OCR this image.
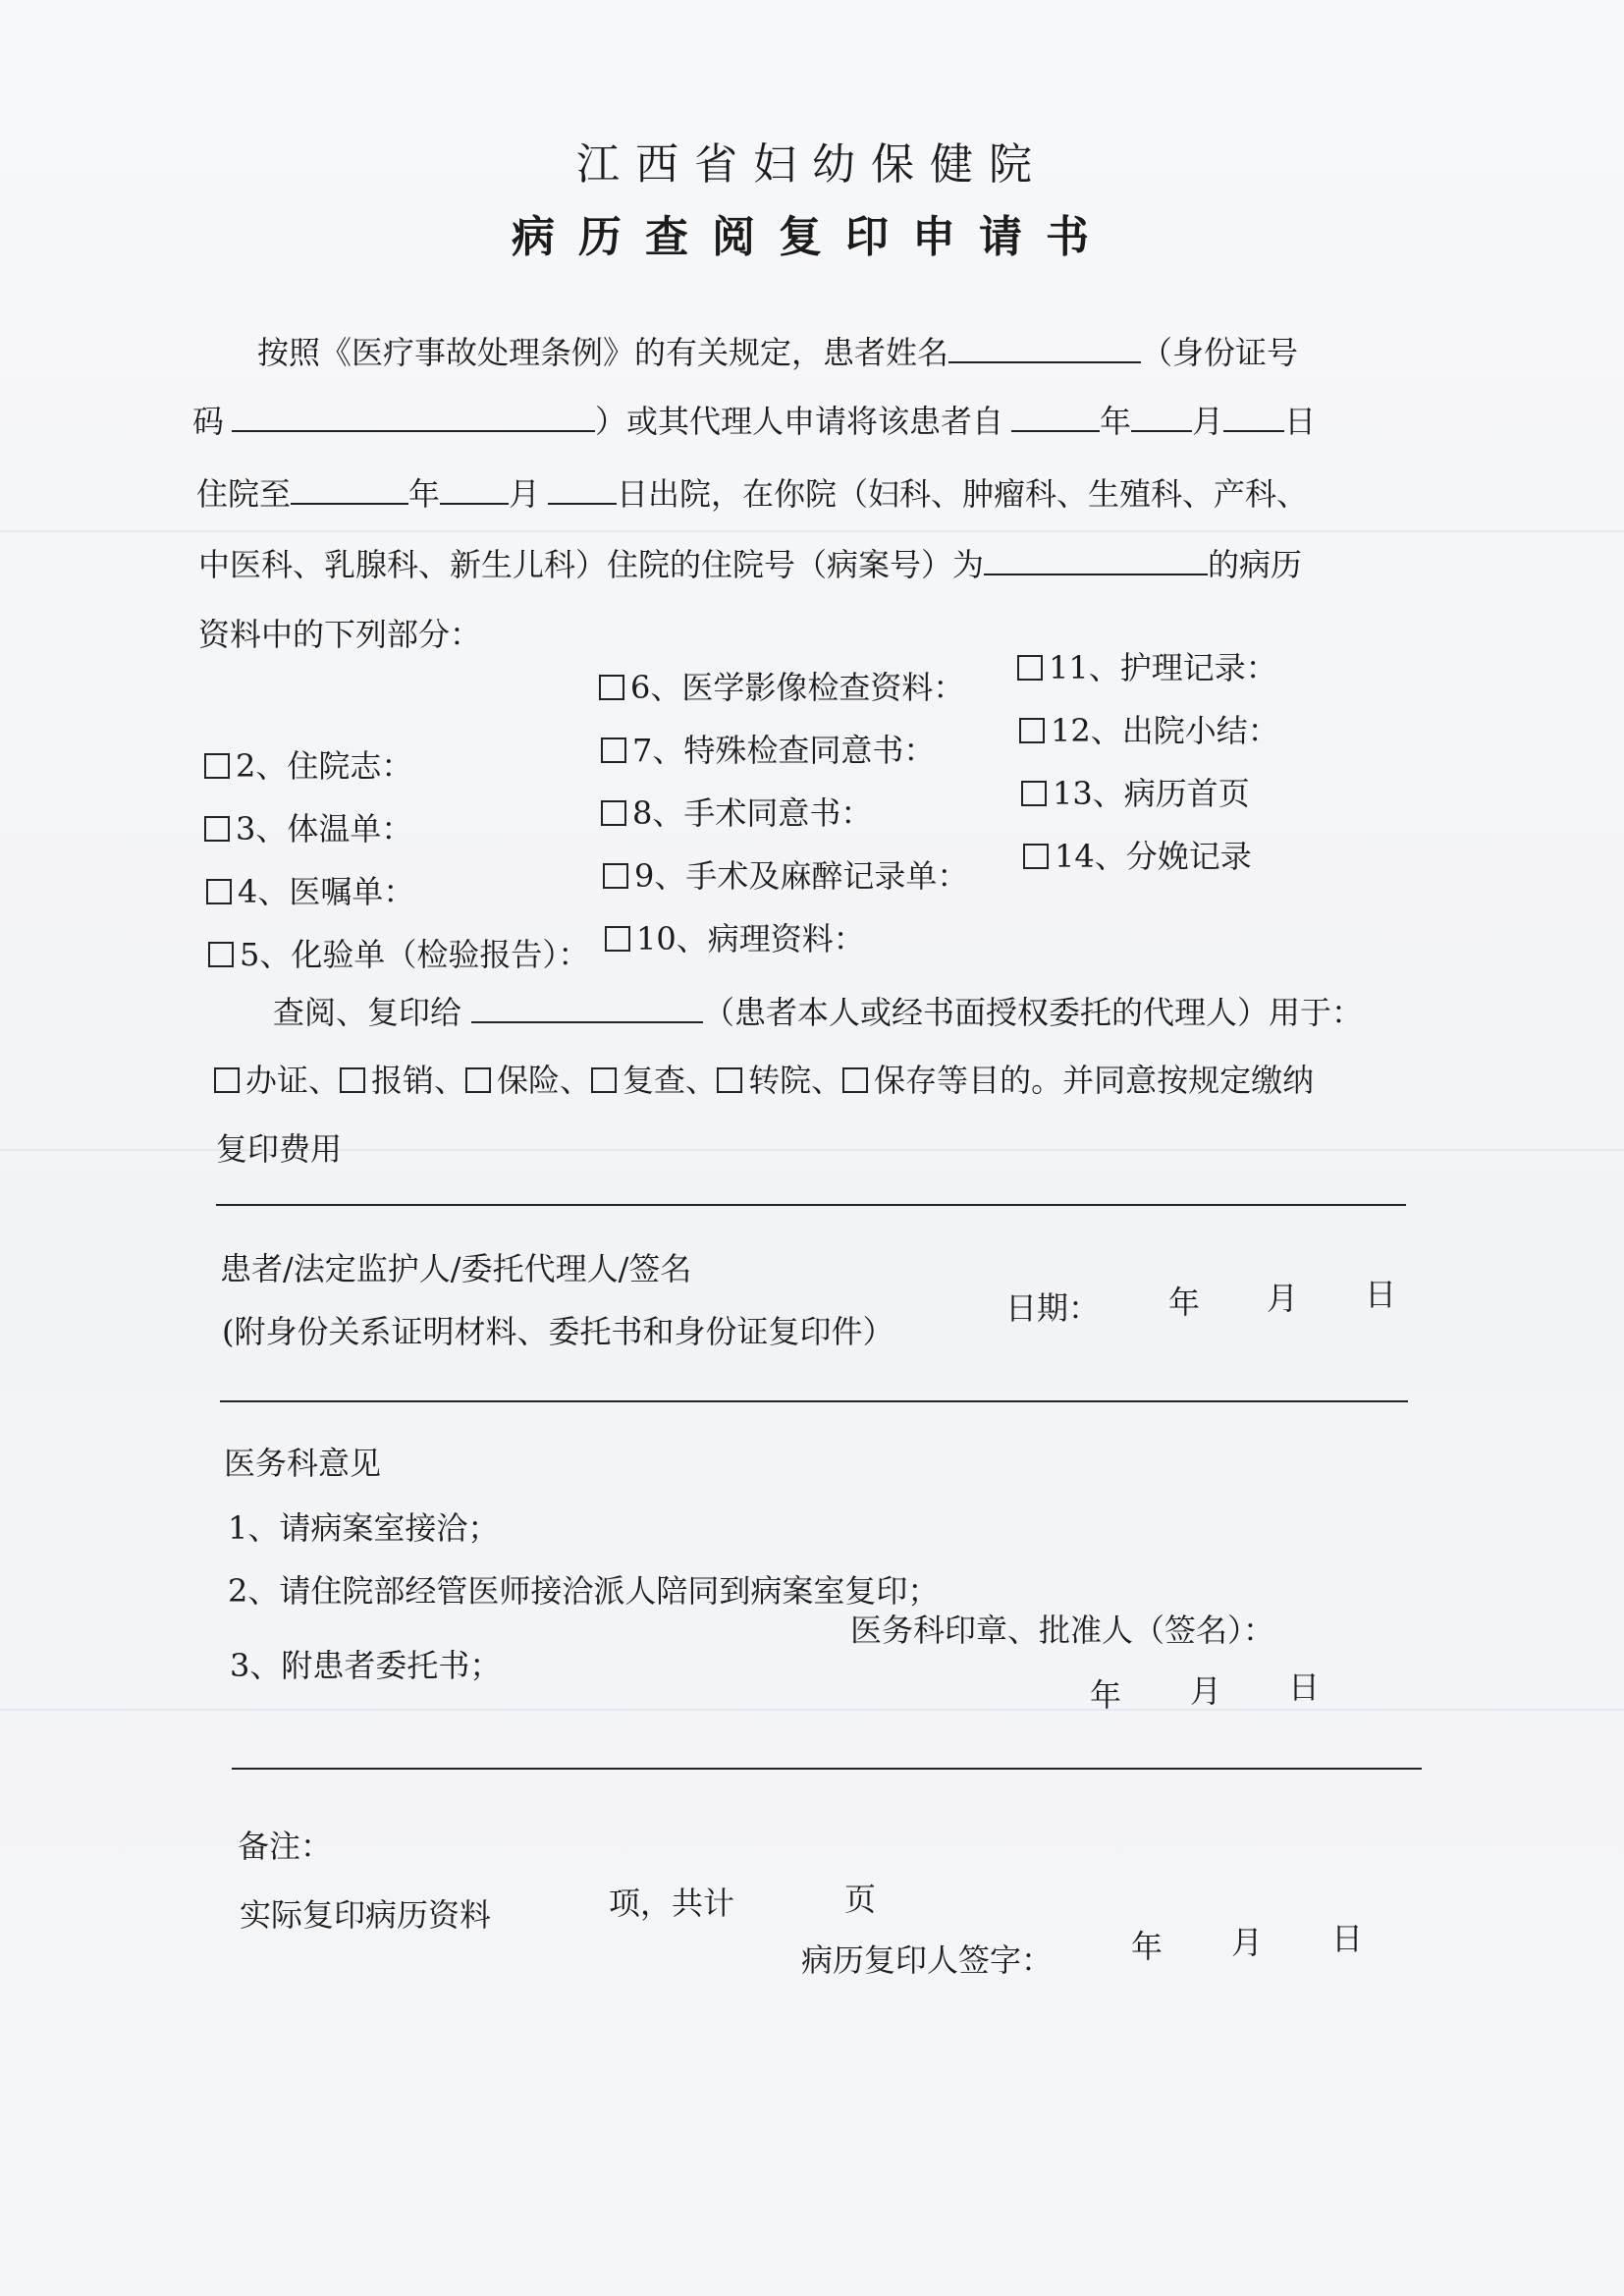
江西省妇幼保健院
病历查阅复印申请书
按照《医疗事故处理条例》的有关规定，患者姓名	（身份证号
码	）或其代理人申请将该患者自	年 月 日
住院至	年 月 日出院，在你院（妇科、肿瘤科、生殖科、产科、
中医科、乳腺科、新生儿科）住院的住院号（病案号）为	的病历
资料中的下列部分：
2、住院志：
3、体温单：
4、医嘱单：
5、化验单（检验报告）：
6、医学影像检查资料：
7、特殊检查同意书：
8、手术同意书：
9、手术及麻醉记录单：
10、病理资料：
11、护理记录：
12、出院小结：
13、病历首页
14、分娩记录
查阅、复印给	（患者本人或经书面授权委托的代理人）用于：
办证、 报销、 保险、 复查、 转院、 保存等目的。并同意按规定缴纳
复印费用
患者/法定监护人/委托代理人/签名
(附身份关系证明材料、委托书和身份证复印件）
日期： 年 月 日
医务科意见
1、请病案室接洽；
2、请住院部经管医师接洽派人陪同到病案室复印；
3、附患者委托书；
医务科印章、批准人（签名）：
年 月 日
备注：
实际复印病历资料	项，共计	页
病历复印人签字： 年 月 日
